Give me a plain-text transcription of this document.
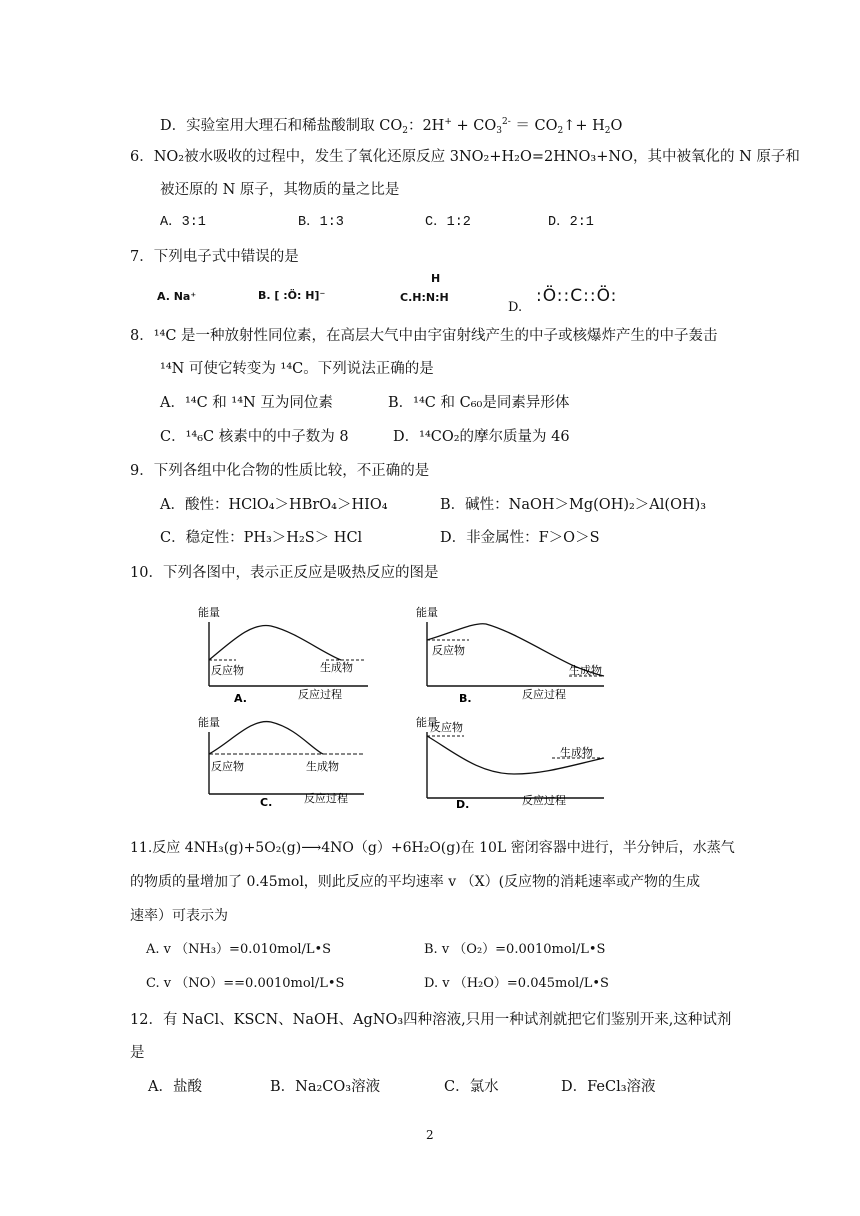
D．实验室用大理石和稀盐酸制取 $CO_2$：$2H^+ + CO_3^{2-}$ ＝ $CO_2↑+ H_2O$
6．NO₂被水吸收的过程中，发生了氧化还原反应 3NO₂+H₂O=2HNO₃+NO，其中被氧化的 N 原子和
被还原的 N 原子，其物质的量之比是
A．3:1	B．1:3	C．1:2	D．2:1
7．下列电子式中错误的是
A. Na⁺	B. [ :Ö: H]⁻
H
C.H:N:H
D.
:Ö::C::Ö:
8．¹⁴C 是一种放射性同位素，在高层大气中由宇宙射线产生的中子或核爆炸产生的中子轰击
¹⁴N 可使它转变为 ¹⁴C。下列说法正确的是
A．¹⁴C 和 ¹⁴N 互为同位素	B．¹⁴C 和 C₆₀是同素异形体
C．¹⁴₆C 核素中的中子数为 8	D．¹⁴CO₂的摩尔质量为 46
9．下列各组中化合物的性质比较，不正确的是
A．酸性：HClO₄＞HBrO₄＞HIO₄	B．碱性：NaOH＞Mg(OH)₂＞Al(OH)₃
C．稳定性：PH₃＞H₂S＞ HCl	D．非金属性：F＞O＞S
10．下列各图中，表示正反应是吸热反应的图是
能量
反应物	生成物
A.	反应过程
能量
反应物
生成物
B.	反应过程
能量
反应物	生成物
C.	反应过程
能量
反应物
生成物
D.	反应过程
11.反应 4NH₃(g)+5O₂(g)⟶4NO（g）+6H₂O(g)在 10L 密闭容器中进行，半分钟后，水蒸气
的物质的量增加了 0.45mol，则此反应的平均速率 v （X）(反应物的消耗速率或产物的生成
速率）可表示为
A. v （NH₃）=0.010mol/L•S	B. v （O₂）=0.0010mol/L•S
C. v （NO）==0.0010mol/L•S	D. v （H₂O）=0.045mol/L•S
12．有 NaCl、KSCN、NaOH、AgNO₃四种溶液,只用一种试剂就把它们鉴别开来,这种试剂
是
A．盐酸	B．Na₂CO₃溶液	C．氯水	D．FeCl₃溶液
2
